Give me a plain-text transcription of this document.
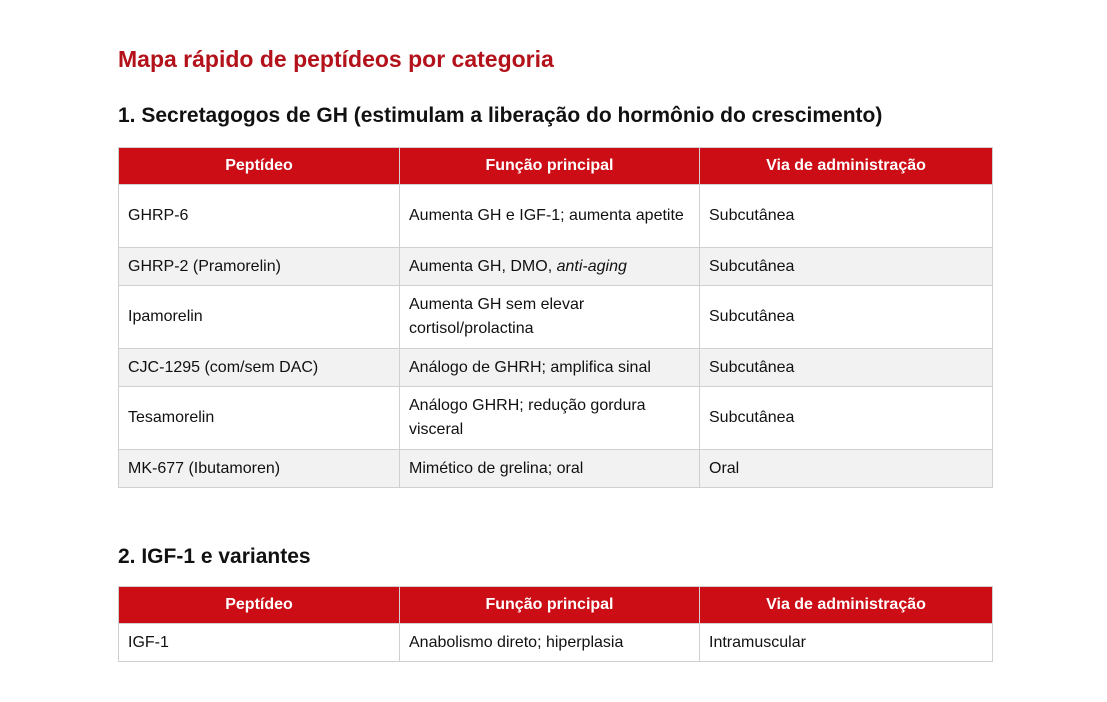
Mapa rápido de peptídeos por categoria
1. Secretagogos de GH (estimulam a liberação do hormônio do crescimento)
Peptídeo	Função principal	Via de administração
GHRP-6	Aumenta GH e IGF-1; aumenta apetite	Subcutânea
GHRP-2 (Pramorelin)	Aumenta GH, DMO, anti-aging	Subcutânea
Ipamorelin	Aumenta GH sem elevar cortisol/prolactina	Subcutânea
CJC-1295 (com/sem DAC)	Análogo de GHRH; amplifica sinal	Subcutânea
Tesamorelin	Análogo GHRH; redução gordura visceral	Subcutânea
MK-677 (Ibutamoren)	Mimético de grelina; oral	Oral
2. IGF-1 e variantes
Peptídeo	Função principal	Via de administração
IGF-1	Anabolismo direto; hiperplasia	Intramuscular
